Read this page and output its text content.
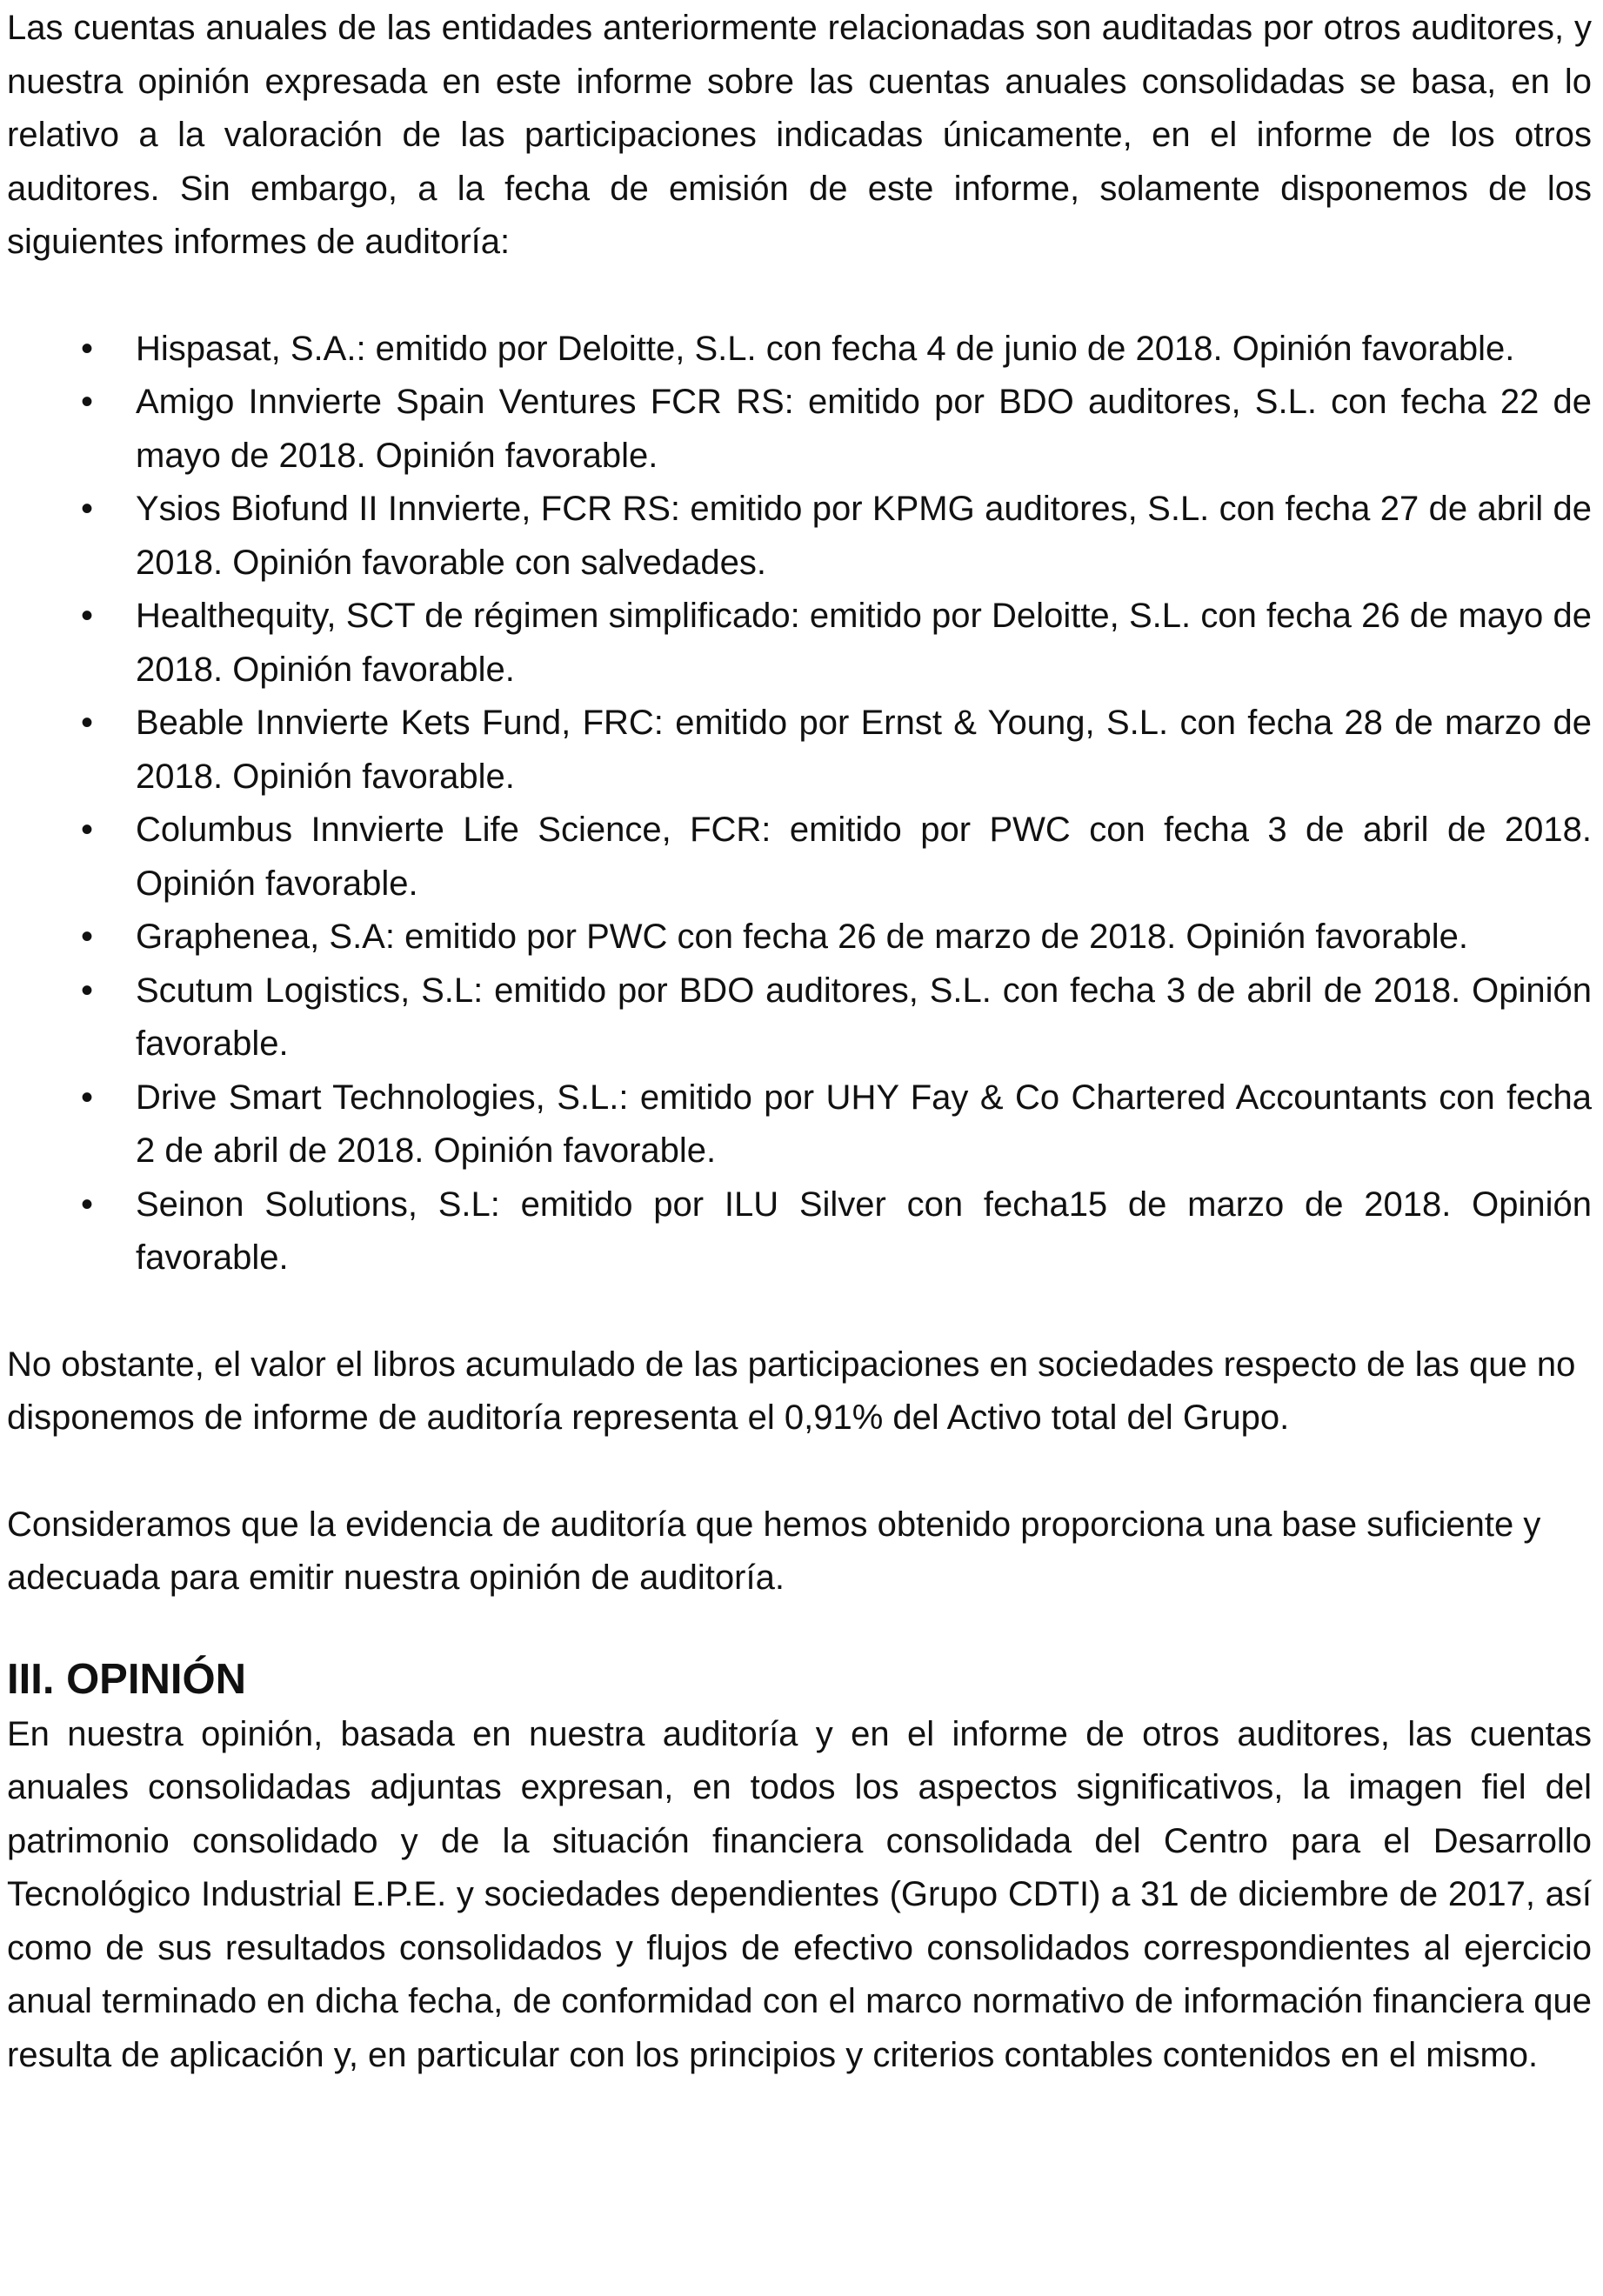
Las cuentas anuales de las entidades anteriormente relacionadas son auditadas por otros auditores, y nuestra opinión expresada en este informe sobre las cuentas anuales consolidadas se basa, en lo relativo a la valoración de las participaciones indicadas únicamente, en el informe de los otros auditores. Sin embargo, a la fecha de emisión de este informe, solamente disponemos de los siguientes informes de auditoría:

• Hispasat, S.A.: emitido por Deloitte, S.L. con fecha 4 de junio de 2018. Opinión favorable.
• Amigo Innvierte Spain Ventures FCR RS: emitido por BDO auditores, S.L. con fecha 22 de mayo de 2018. Opinión favorable.
• Ysios Biofund II Innvierte, FCR RS: emitido por KPMG auditores, S.L. con fecha 27 de abril de 2018. Opinión favorable con salvedades.
• Healthequity, SCT de régimen simplificado: emitido por Deloitte, S.L. con fecha 26 de mayo de 2018. Opinión favorable.
• Beable Innvierte Kets Fund, FRC: emitido por Ernst & Young, S.L. con fecha 28 de marzo de 2018. Opinión favorable.
• Columbus Innvierte Life Science, FCR: emitido por PWC con fecha 3 de abril de 2018. Opinión favorable.
• Graphenea, S.A: emitido por PWC con fecha 26 de marzo de 2018. Opinión favorable.
• Scutum Logistics, S.L: emitido por BDO auditores, S.L. con fecha 3 de abril de 2018. Opinión favorable.
• Drive Smart Technologies, S.L.: emitido por UHY Fay & Co Chartered Accountants con fecha 2 de abril de 2018. Opinión favorable.
• Seinon Solutions, S.L: emitido por ILU Silver con fecha15 de marzo de 2018. Opinión favorable.

No obstante, el valor el libros acumulado de las participaciones en sociedades respecto de las que no disponemos de informe de auditoría representa el 0,91% del Activo total del Grupo.

Consideramos que la evidencia de auditoría que hemos obtenido proporciona una base suficiente y adecuada para emitir nuestra opinión de auditoría.

III. OPINIÓN

En nuestra opinión, basada en nuestra auditoría y en el informe de otros auditores, las cuentas anuales consolidadas adjuntas expresan, en todos los aspectos significativos, la imagen fiel del patrimonio consolidado y de la situación financiera consolidada del Centro para el Desarrollo Tecnológico Industrial E.P.E. y sociedades dependientes (Grupo CDTI) a 31 de diciembre de 2017, así como de sus resultados consolidados y flujos de efectivo consolidados correspondientes al ejercicio anual terminado en dicha fecha, de conformidad con el marco normativo de información financiera que resulta de aplicación y, en particular con los principios y criterios contables contenidos en el mismo.
